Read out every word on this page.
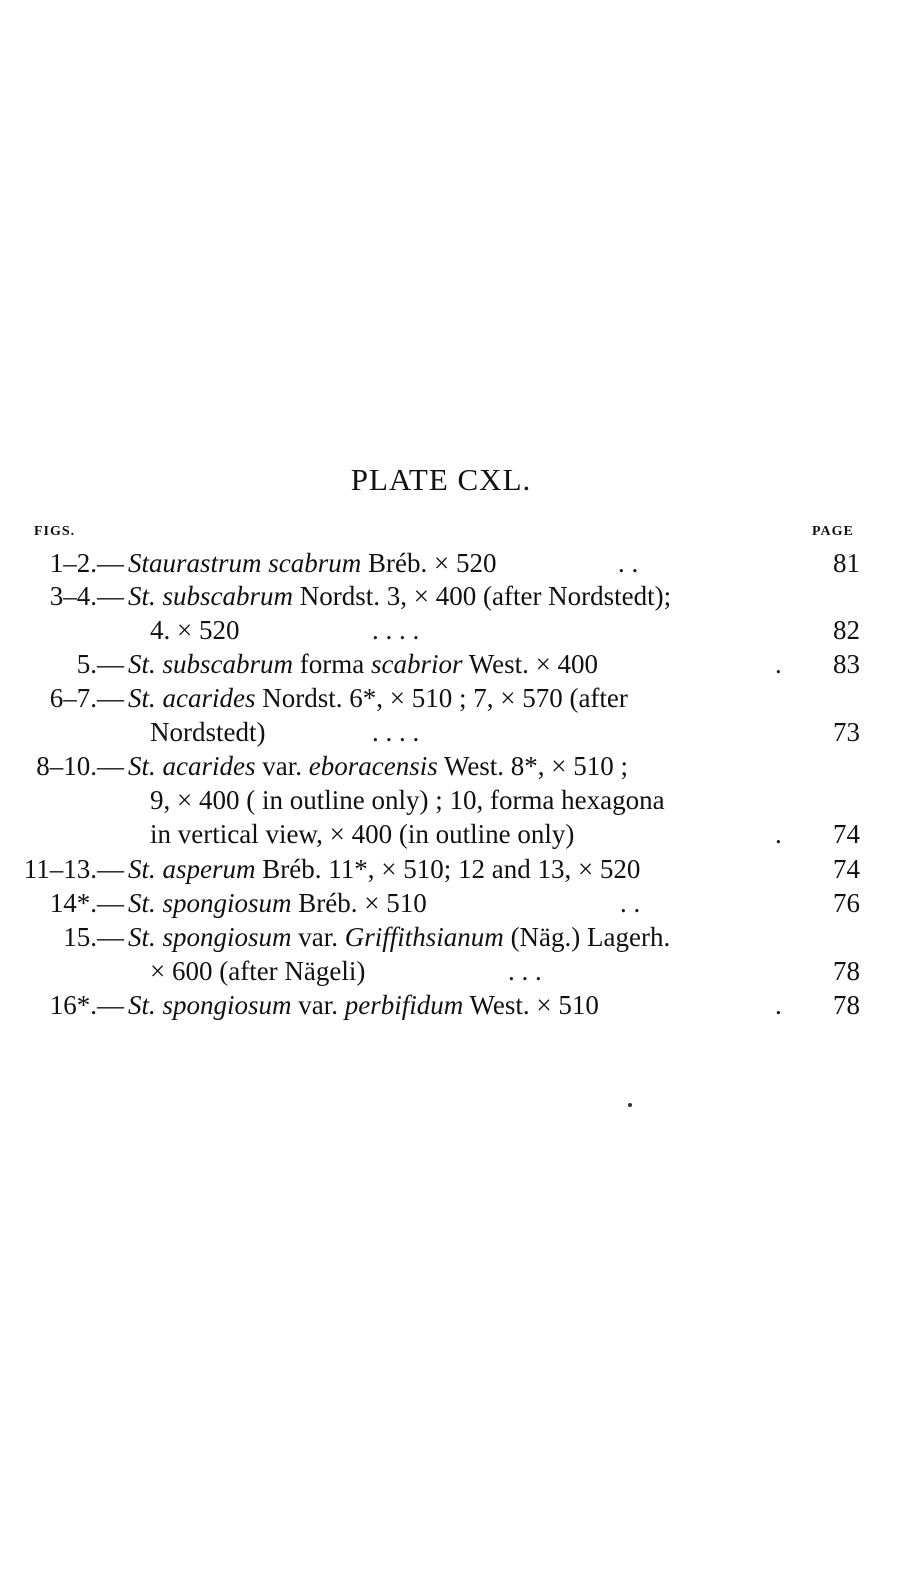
PLATE CXL.
FIGS.	PAGE
1–2.— Staurastrum scabrum Bréb. × 520	. .	81
3–4.— St. subscabrum Nordst. 3, × 400 (after Nordstedt);
4. × 520	. . . .	82
5.— St. subscabrum forma scabrior West. × 400	.	83
6–7.— St. acarides Nordst. 6*, × 510 ; 7, × 570 (after
Nordstedt)	. . . .	73
8–10.— St. acarides var. eboracensis West. 8*, × 510 ;
9, × 400 ( in outline only) ; 10, forma hexagona
in vertical view, × 400 (in outline only)	.	74
11–13.— St. asperum Bréb. 11*, × 510; 12 and 13, × 520	74
14*.— St. spongiosum Bréb. × 510	. .	76
15.— St. spongiosum var. Griffithsianum (Näg.) Lagerh.
× 600 (after Nägeli)	. . .	78
16*.— St. spongiosum var. perbifidum West. × 510	.	78
